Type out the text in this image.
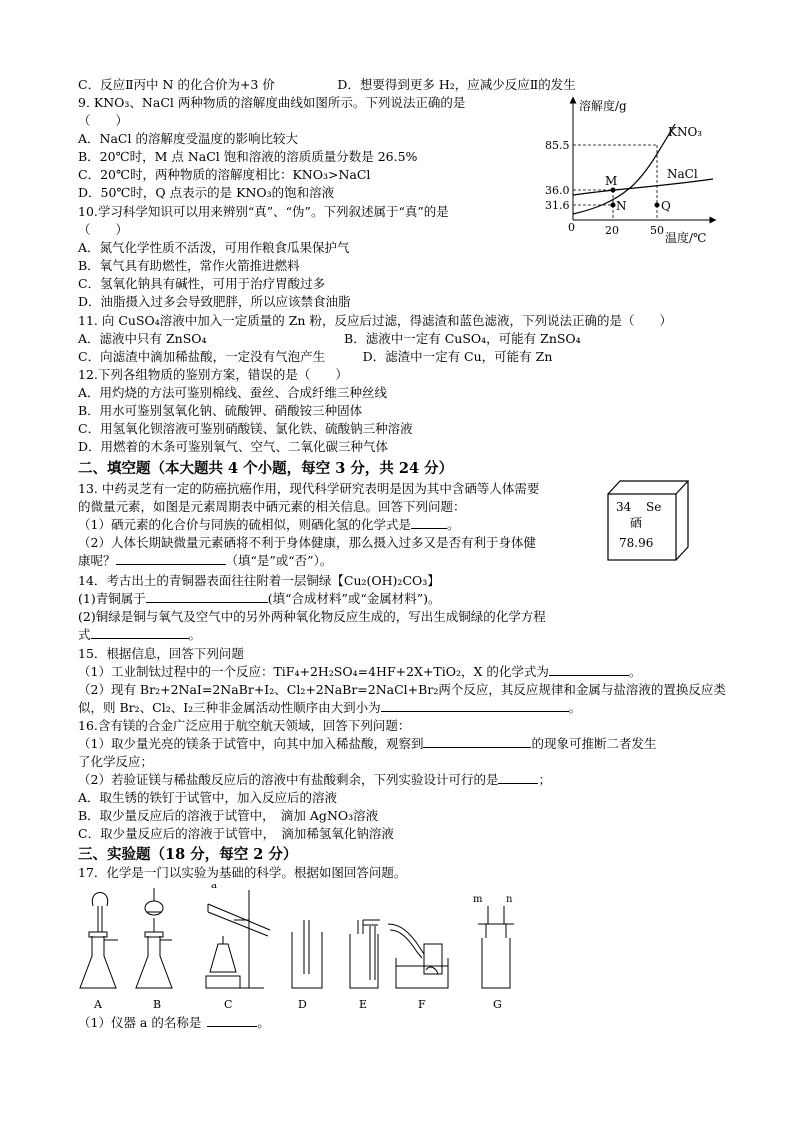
C．反应Ⅱ丙中 N 的化合价为+3 价　　　　　D．想要得到更多 H₂，应减少反应Ⅱ的发生
9. KNO₃、NaCl 两种物质的溶解度曲线如图所示。下列说法正确的是
（　　）
A．NaCl 的溶解度受温度的影响比较大
B．20℃时，M 点 NaCl 饱和溶液的溶质质量分数是 26.5%
C．20℃时，两种物质的溶解度相比：KNO₃>NaCl
D．50℃时，Q 点表示的是 KNO₃的饱和溶液
10.学习科学知识可以用来辨别“真”、“伪”。下列叙述属于“真”的是
（　　）
A．氮气化学性质不活泼，可用作粮食瓜果保护气
B．氧气具有助燃性，常作火箭推进燃料
C．氢氧化钠具有碱性，可用于治疗胃酸过多
D．油脂摄入过多会导致肥胖，所以应该禁食油脂
11. 向 CuSO₄溶液中加入一定质量的 Zn 粉，反应后过滤，得滤渣和蓝色滤液，下列说法正确的是（　　）
A．滤液中只有 ZnSO₄　　　　　　　　　　　B．滤液中一定有 CuSO₄，可能有 ZnSO₄
C．向滤渣中滴加稀盐酸，一定没有气泡产生　　　D．滤渣中一定有 Cu，可能有 Zn
12.下列各组物质的鉴别方案，错误的是（　　）
A．用灼烧的方法可鉴别棉线、蚕丝、合成纤维三种丝线
B．用水可鉴别氢氧化钠、硫酸钾、硝酸铵三种固体
C．用氢氧化钡溶液可鉴别硝酸镁、氯化铁、硫酸钠三种溶液
D．用燃着的木条可鉴别氧气、空气、二氧化碳三种气体
二、填空题（本大题共 4 个小题，每空 3 分，共 24 分）
13. 中药灵芝有一定的防癌抗癌作用，现代科学研究表明是因为其中含硒等人体需要
的微量元素，如图是元素周期表中硒元素的相关信息。回答下列问题：
（1）硒元素的化合价与同族的硫相似，则硒化氢的化学式是	。
（2）人体长期缺微量元素硒将不利于身体健康，那么摄入过多又是否有利于身体健
康呢？	（填“是”或“否”）。
14．考古出土的青铜器表面往往附着一层铜绿【Cu₂(OH)₂CO₃】
(1)青铜属于	(填“合成材料”或“金属材料”)。
(2)铜绿是铜与氧气及空气中的另外两种氧化物反应生成的，写出生成铜绿的化学方程
式	。
15．根据信息，回答下列问题
（1）工业制钛过程中的一个反应：TiF₄+2H₂SO₄=4HF+2X+TiO₂，X 的化学式为	。
（2）现有 Br₂+2NaI=2NaBr+I₂、Cl₂+2NaBr=2NaCl+Br₂两个反应，其反应规律和金属与盐溶液的置换反应类
似，则 Br₂、Cl₂、I₂三种非金属活动性顺序由大到小为	。
16.含有镁的合金广泛应用于航空航天领域，回答下列问题：
（1）取少量光亮的镁条于试管中，向其中加入稀盐酸，观察到	的现象可推断二者发生
了化学反应；
（2）若验证镁与稀盐酸反应后的溶液中有盐酸剩余，下列实验设计可行的是	；
A．取生锈的铁钉于试管中，加入反应后的溶液
B．取少量反应后的溶液于试管中，　滴加 AgNO₃溶液
C．取少量反应后的溶液于试管中，　滴加稀氢氧化钠溶液
三、实验题（18 分，每空 2 分）
17．化学是一门以实验为基础的科学。根据如图回答问题。
（1）仪器 a 的名称是	。
溶解度/g
温度/℃
0	20	50
85.5
36.0
31.6
KNO₃
NaCl
M
N	Q
34 Se
硒
78.96
A	B
a
C	D	E	F
m n
G
